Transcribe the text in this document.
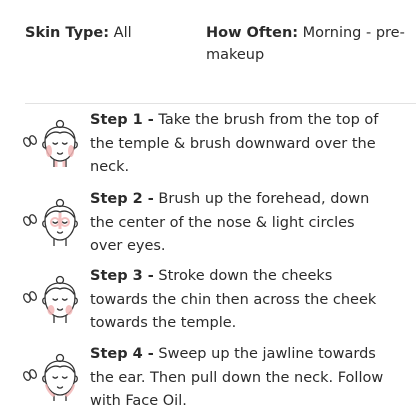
Skin Type: All	How Often: Morning - pre-makeup
Step 1 - Take the brush from the top of the temple & brush downward over the neck.
Step 2 - Brush up the forehead, down the center of the nose & light circles over eyes.
Step 3 - Stroke down the cheeks towards the chin then across the cheek towards the temple.
Step 4 - Sweep up the jawline towards the ear. Then pull down the neck. Follow with Face Oil.
